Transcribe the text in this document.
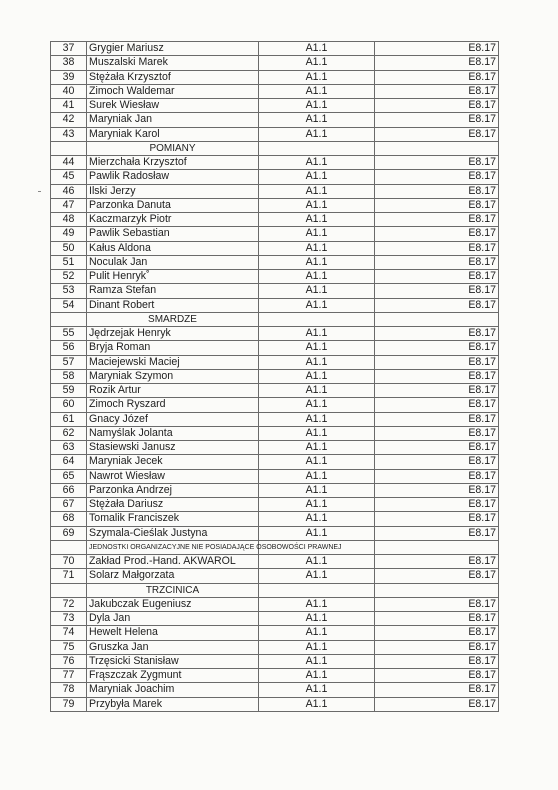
37	Grygier Mariusz	A1.1	E8.17
38	Muszalski Marek	A1.1	E8.17
39	Stężała Krzysztof	A1.1	E8.17
40	Zimoch Waldemar	A1.1	E8.17
41	Surek Wiesław	A1.1	E8.17
42	Maryniak Jan	A1.1	E8.17
43	Maryniak Karol	A1.1	E8.17
	POMIANY		
44	Mierzchała Krzysztof	A1.1	E8.17
45	Pawlik Radosław	A1.1	E8.17
46	Ilski Jerzy	A1.1	E8.17
47	Parzonka Danuta	A1.1	E8.17
48	Kaczmarzyk Piotr	A1.1	E8.17
49	Pawlik Sebastian	A1.1	E8.17
50	Kałus Aldona	A1.1	E8.17
51	Noculak Jan	A1.1	E8.17
52	Pulit Henryk˚	A1.1	E8.17
53	Ramza Stefan	A1.1	E8.17
54	Dinant Robert	A1.1	E8.17
	SMARDZE		
55	Jędrzejak Henryk	A1.1	E8.17
56	Bryja Roman	A1.1	E8.17
57	Maciejewski Maciej	A1.1	E8.17
58	Maryniak Szymon	A1.1	E8.17
59	Rozik Artur	A1.1	E8.17
60	Zimoch Ryszard	A1.1	E8.17
61	Gnacy Józef	A1.1	E8.17
62	Namyślak Jolanta	A1.1	E8.17
63	Stasiewski Janusz	A1.1	E8.17
64	Maryniak Jecek	A1.1	E8.17
65	Nawrot Wiesław	A1.1	E8.17
66	Parzonka Andrzej	A1.1	E8.17
67	Stężała Dariusz	A1.1	E8.17
68	Tomalik Franciszek	A1.1	E8.17
69	Szymala-Cieślak Justyna	A1.1	E8.17
	JEDNOSTKI ORGANIZACYJNE NIE POSIADAJĄCE OSOBOWOŚCI PRAWNEJ		
70	Zakład Prod.-Hand. AKWAROL	A1.1	E8.17
71	Solarz Małgorzata	A1.1	E8.17
	TRZCINICA		
72	Jakubczak Eugeniusz	A1.1	E8.17
73	Dyla Jan	A1.1	E8.17
74	Hewelt Helena	A1.1	E8.17
75	Gruszka Jan	A1.1	E8.17
76	Trzęsicki Stanisław	A1.1	E8.17
77	Frąszczak Zygmunt	A1.1	E8.17
78	Maryniak Joachim	A1.1	E8.17
79	Przybyła Marek	A1.1	E8.17
